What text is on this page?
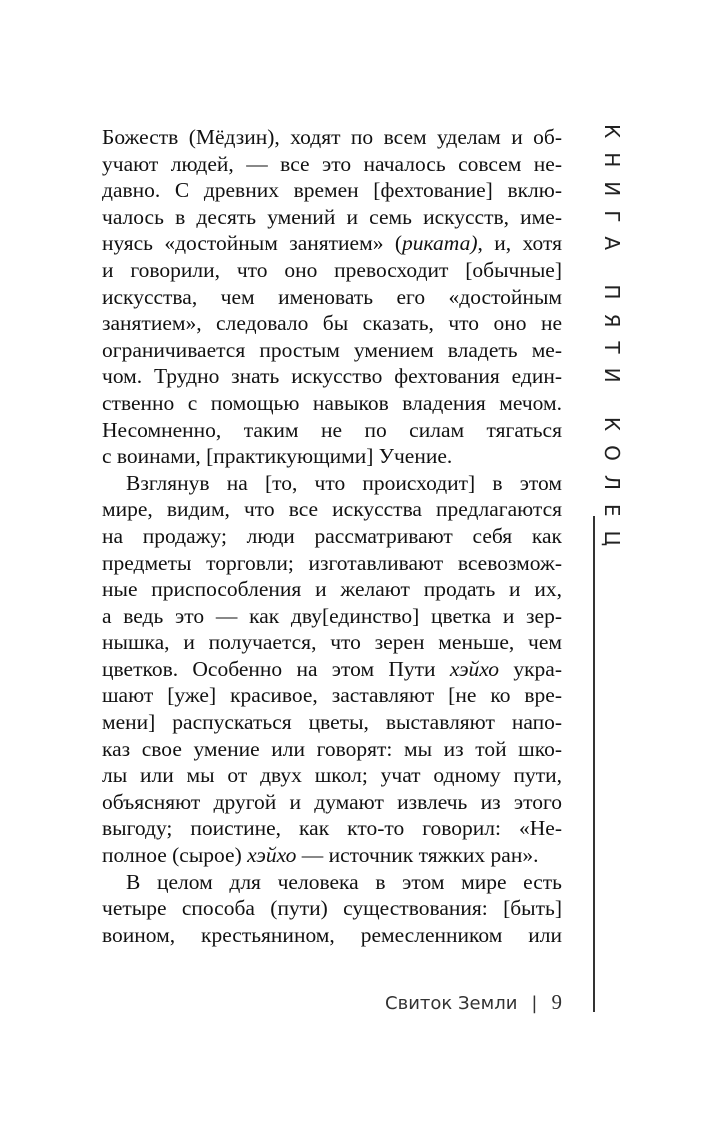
Божеств (Мёдзин), ходят по всем уделам и об-
учают людей, — все это началось совсем не-
давно. С древних времен [фехтование] вклю-
чалось в десять умений и семь искусств, име-
нуясь «достойным занятием» (риката), и, хотя
и говорили, что оно превосходит [обычные]
искусства, чем именовать его «достойным
занятием», следовало бы сказать, что оно не
ограничивается простым умением владеть ме-
чом. Трудно знать искусство фехтования един-
ственно с помощью навыков владения мечом.
Несомненно, таким не по силам тягаться
с воинами, [практикующими] Учение.
Взглянув на [то, что происходит] в этом
мире, видим, что все искусства предлагаются
на продажу; люди рассматривают себя как
предметы торговли; изготавливают всевозмож-
ные приспособления и желают продать и их,
а ведь это — как дву[единство] цветка и зер-
нышка, и получается, что зерен меньше, чем
цветков. Особенно на этом Пути хэйхо укра-
шают [уже] красивое, заставляют [не ко вре-
мени] распускаться цветы, выставляют напо-
каз свое умение или говорят: мы из той шко-
лы или мы от двух школ; учат одному пути,
объясняют другой и думают извлечь из этого
выгоду; поистине, как кто-то говорил: «Не-
полное (сырое) хэйхо — источник тяжких ран».
В целом для человека в этом мире есть
четыре способа (пути) существования: [быть]
воином, крестьянином, ремесленником или
КНИГА ПЯТИ КОЛЕЦ
Свиток Земли | 9
